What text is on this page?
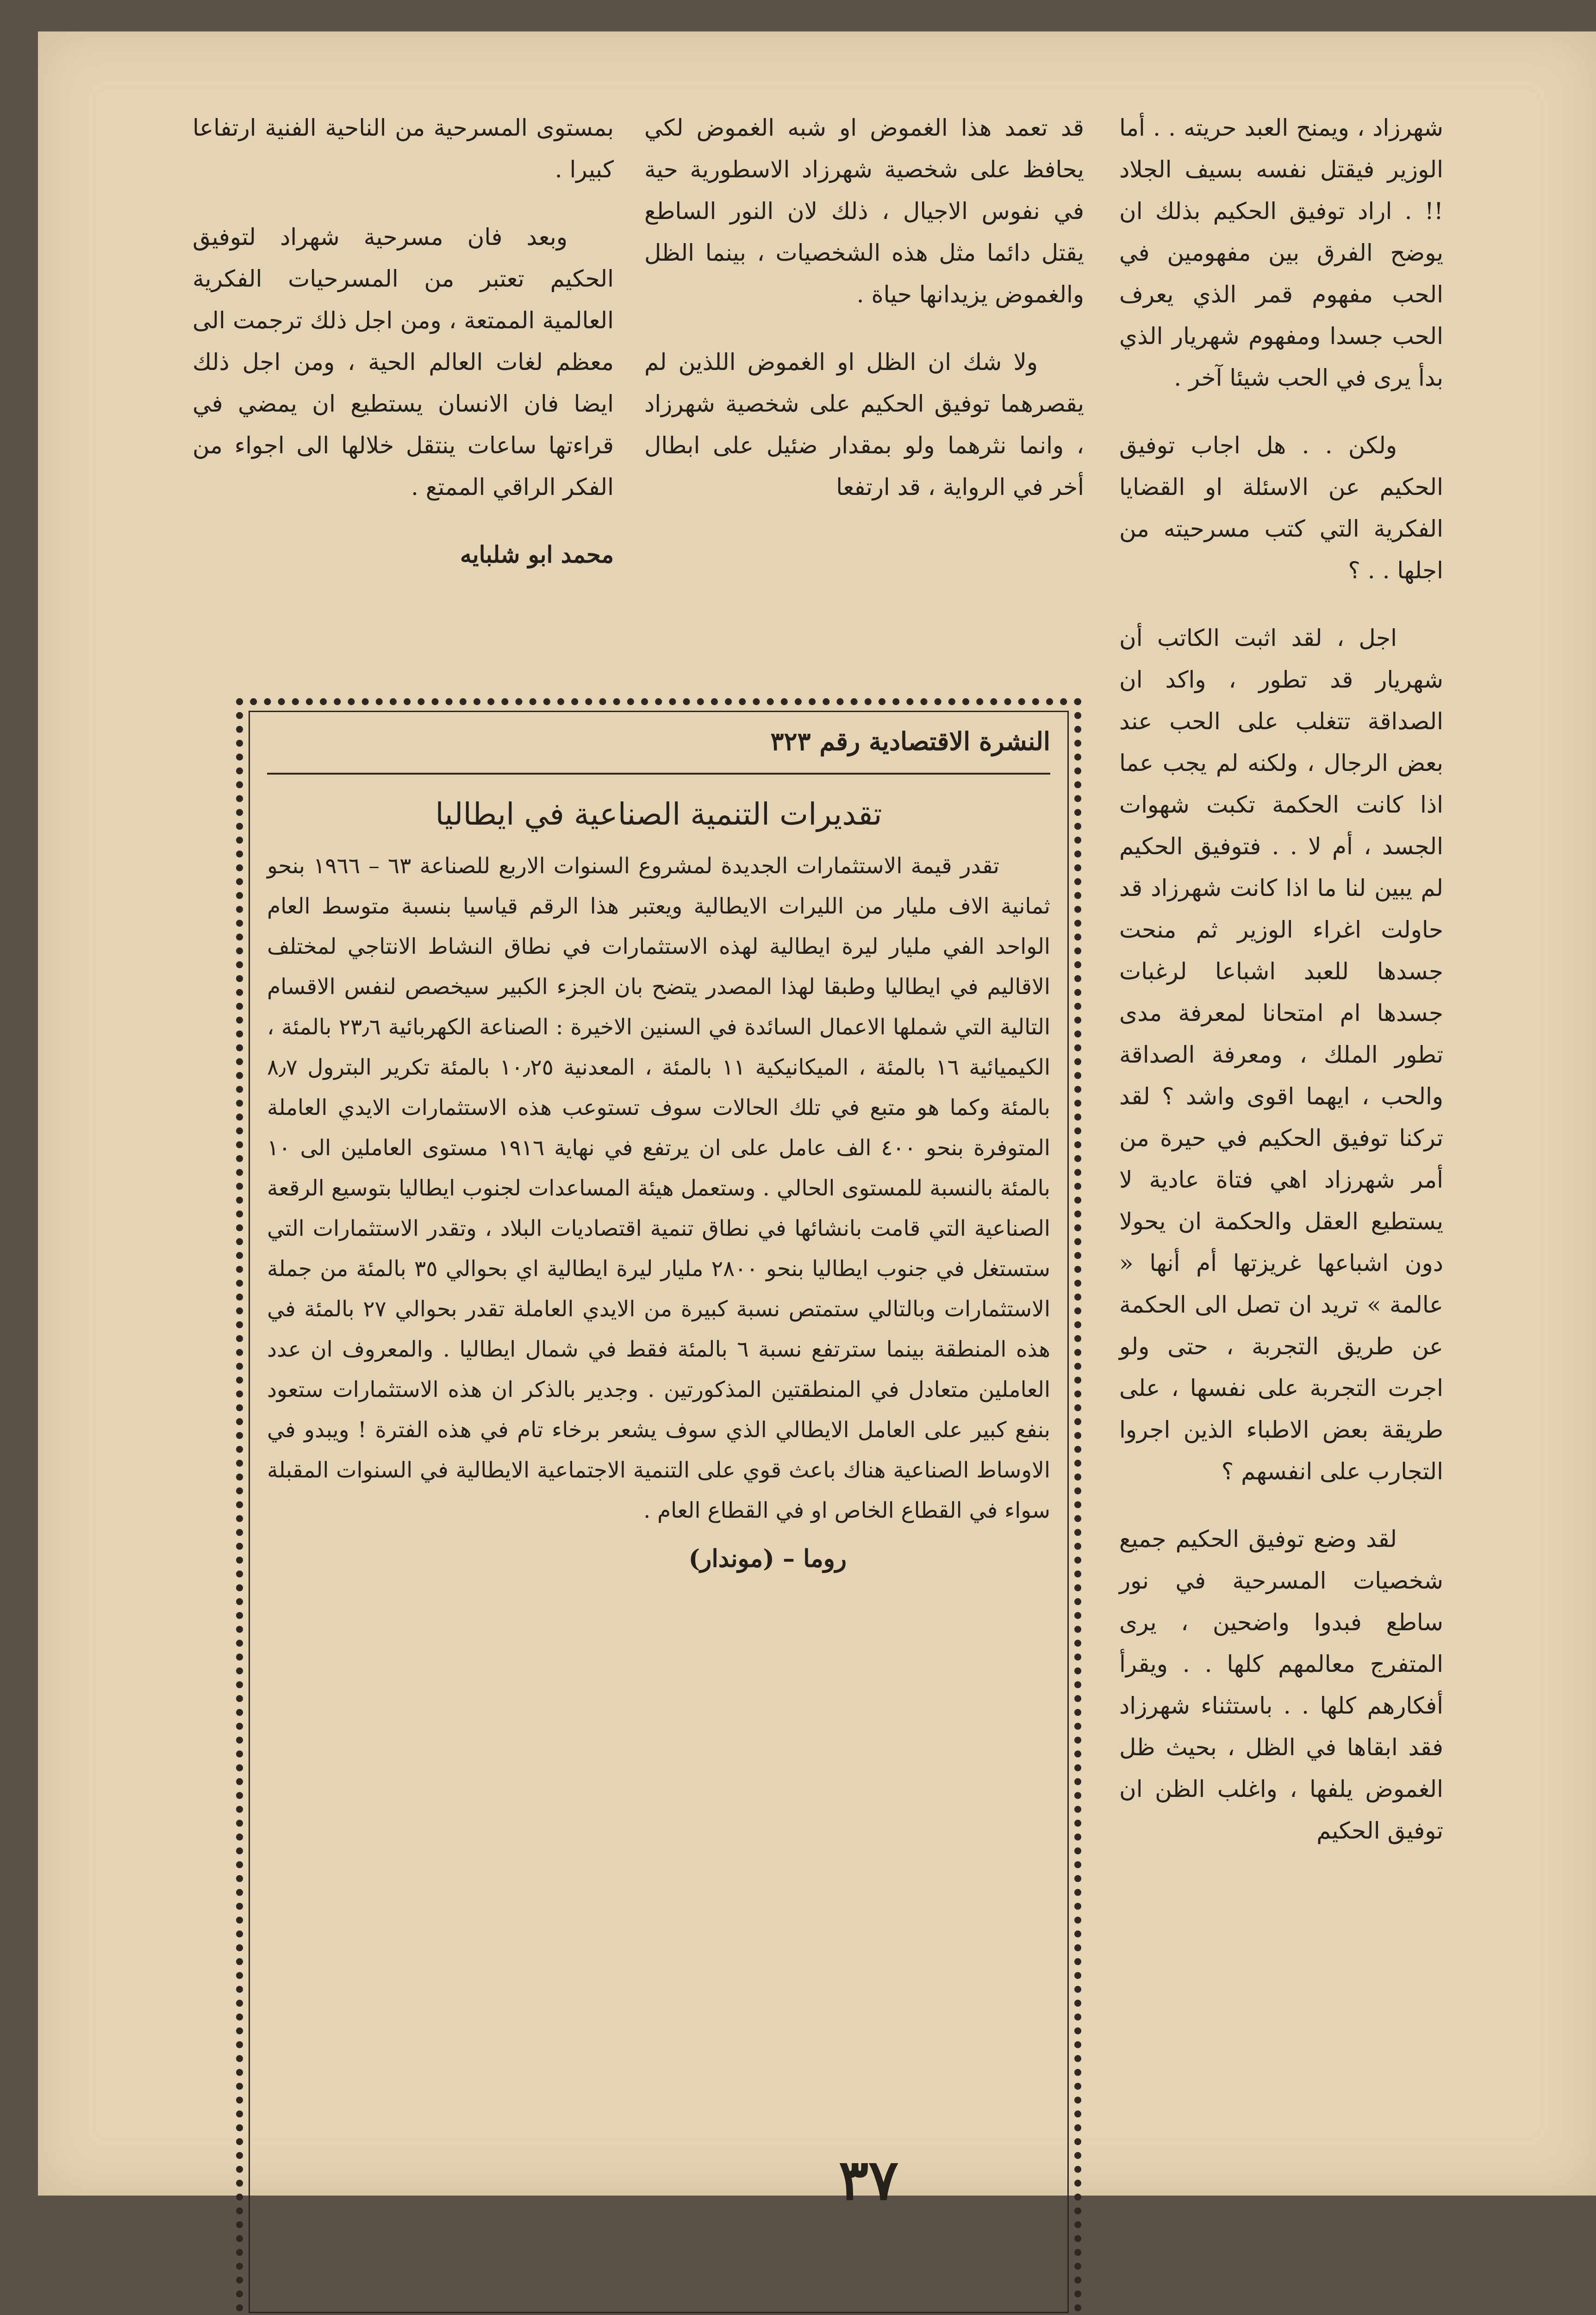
شهرزاد ، ويمنح العبد حريته . . أما الوزير فيقتل نفسه بسيف الجلاد !! . اراد توفيق الحكيم بذلك ان يوضح الفرق بين مفهومين في الحب مفهوم قمر الذي يعرف الحب جسدا ومفهوم شهريار الذي بدأ يرى في الحب شيئا آخر .

ولكن . . هل اجاب توفيق الحكيم عن الاسئلة او القضايا الفكرية التي كتب مسرحيته من اجلها . . ؟

اجل ، لقد اثبت الكاتب أن شهريار قد تطور ، واكد ان الصداقة تتغلب على الحب عند بعض الرجال ، ولكنه لم يجب عما اذا كانت الحكمة تكبت شهوات الجسد ، أم لا . . فتوفيق الحكيم لم يبين لنا ما اذا كانت شهرزاد قد حاولت اغراء الوزير ثم منحت جسدها للعبد اشباعا لرغبات جسدها ام امتحانا لمعرفة مدى تطور الملك ، ومعرفة الصداقة والحب ، ايهما اقوى واشد ؟ لقد تركنا توفيق الحكيم في حيرة من أمر شهرزاد اهي فتاة عادية لا يستطيع العقل والحكمة ان يحولا دون اشباعها غريزتها أم أنها « عالمة » تريد ان تصل الى الحكمة عن طريق التجربة ، حتى ولو اجرت التجربة على نفسها ، على طريقة بعض الاطباء الذين اجروا التجارب على انفسهم ؟

لقد وضع توفيق الحكيم جميع شخصيات المسرحية في نور ساطع فبدوا واضحين ، يرى المتفرج معالمهم كلها . . ويقرأ أفكارهم كلها . . باستثناء شهرزاد فقد ابقاها في الظل ، بحيث ظل الغموض يلفها ، واغلب الظن ان توفيق الحكيم

قد تعمد هذا الغموض او شبه الغموض لكي يحافظ على شخصية شهرزاد الاسطورية حية في نفوس الاجيال ، ذلك لان النور الساطع يقتل دائما مثل هذه الشخصيات ، بينما الظل والغموض يزيدانها حياة .

ولا شك ان الظل او الغموض اللذين لم يقصرهما توفيق الحكيم على شخصية شهرزاد ، وانما نثرهما ولو بمقدار ضئيل على ابطال أخر في الرواية ، قد ارتفعا

بمستوى المسرحية من الناحية الفنية ارتفاعا كبيرا .

وبعد فان مسرحية شهراد لتوفيق الحكيم تعتبر من المسرحيات الفكرية العالمية الممتعة ، ومن اجل ذلك ترجمت الى معظم لغات العالم الحية ، ومن اجل ذلك ايضا فان الانسان يستطيع ان يمضي في قراءتها ساعات ينتقل خلالها الى اجواء من الفكر الراقي الممتع .

محمد ابو شلبايه
النشرة الاقتصادية رقم ٣٢٣
تقديرات التنمية الصناعية في ايطاليا

تقدر قيمة الاستثمارات الجديدة لمشروع السنوات الاربع للصناعة ٦٣ – ١٩٦٦ بنحو ثمانية الاف مليار من الليرات الايطالية ويعتبر هذا الرقم قياسيا بنسبة متوسط العام الواحد الفي مليار ليرة ايطالية لهذه الاستثمارات في نطاق النشاط الانتاجي لمختلف الاقاليم في ايطاليا وطبقا لهذا المصدر يتضح بان الجزء الكبير سيخصص لنفس الاقسام التالية التي شملها الاعمال السائدة في السنين الاخيرة : الصناعة الكهربائية ٢٣٫٦ بالمئة ، الكيميائية ١٦ بالمئة ، الميكانيكية ١١ بالمئة ، المعدنية ١٠٫٢٥ بالمئة تكرير البترول ٨٫٧ بالمئة وكما هو متبع في تلك الحالات سوف تستوعب هذه الاستثمارات الايدي العاملة المتوفرة بنحو ٤٠٠ الف عامل على ان يرتفع في نهاية ١٩١٦ مستوى العاملين الى ١٠ بالمئة بالنسبة للمستوى الحالي . وستعمل هيئة المساعدات لجنوب ايطاليا بتوسيع الرقعة الصناعية التي قامت بانشائها في نطاق تنمية اقتصاديات البلاد ، وتقدر الاستثمارات التي ستستغل في جنوب ايطاليا بنحو ٢٨٠٠ مليار ليرة ايطالية اي بحوالي ٣٥ بالمئة من جملة الاستثمارات وبالتالي ستمتص نسبة كبيرة من الايدي العاملة تقدر بحوالي ٢٧ بالمئة في هذه المنطقة بينما سترتفع نسبة ٦ بالمئة فقط في شمال ايطاليا . والمعروف ان عدد العاملين متعادل في المنطقتين المذكورتين . وجدير بالذكر ان هذه الاستثمارات ستعود بنفع كبير على العامل الايطالي الذي سوف يشعر برخاء تام في هذه الفترة ! ويبدو في الاوساط الصناعية هناك باعث قوي على التنمية الاجتماعية الايطالية في السنوات المقبلة سواء في القطاع الخاص او في القطاع العام .

روما – (موندار)
٣٧
